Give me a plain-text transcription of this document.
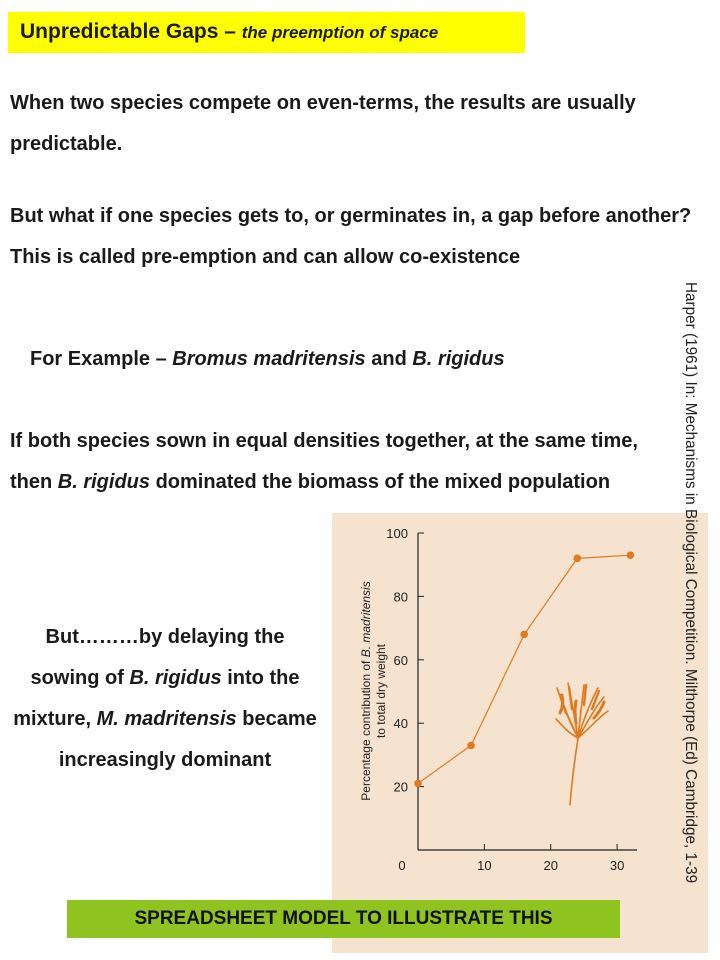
Unpredictable Gaps – the preemption of space
When two species compete on even-terms, the results are usually predictable.
But what if one species gets to, or germinates in, a gap before another? This is called pre-emption and can allow co-existence
For Example – Bromus madritensis and B. rigidus
If both species sown in equal densities together, at the same time, then B. rigidus dominated the biomass of the mixed population
But………by delaying the sowing of B. rigidus into the mixture, M. madritensis became increasingly dominant
20
40
60
80
100
0	10	20	30
Percentage contribution of B. madritensis
to total dry weight	Harper (1961) In: Mechanisms in Biological Competition. Milthorpe (Ed) Cambridge, 1-39
SPREADSHEET MODEL TO ILLUSTRATE THIS
